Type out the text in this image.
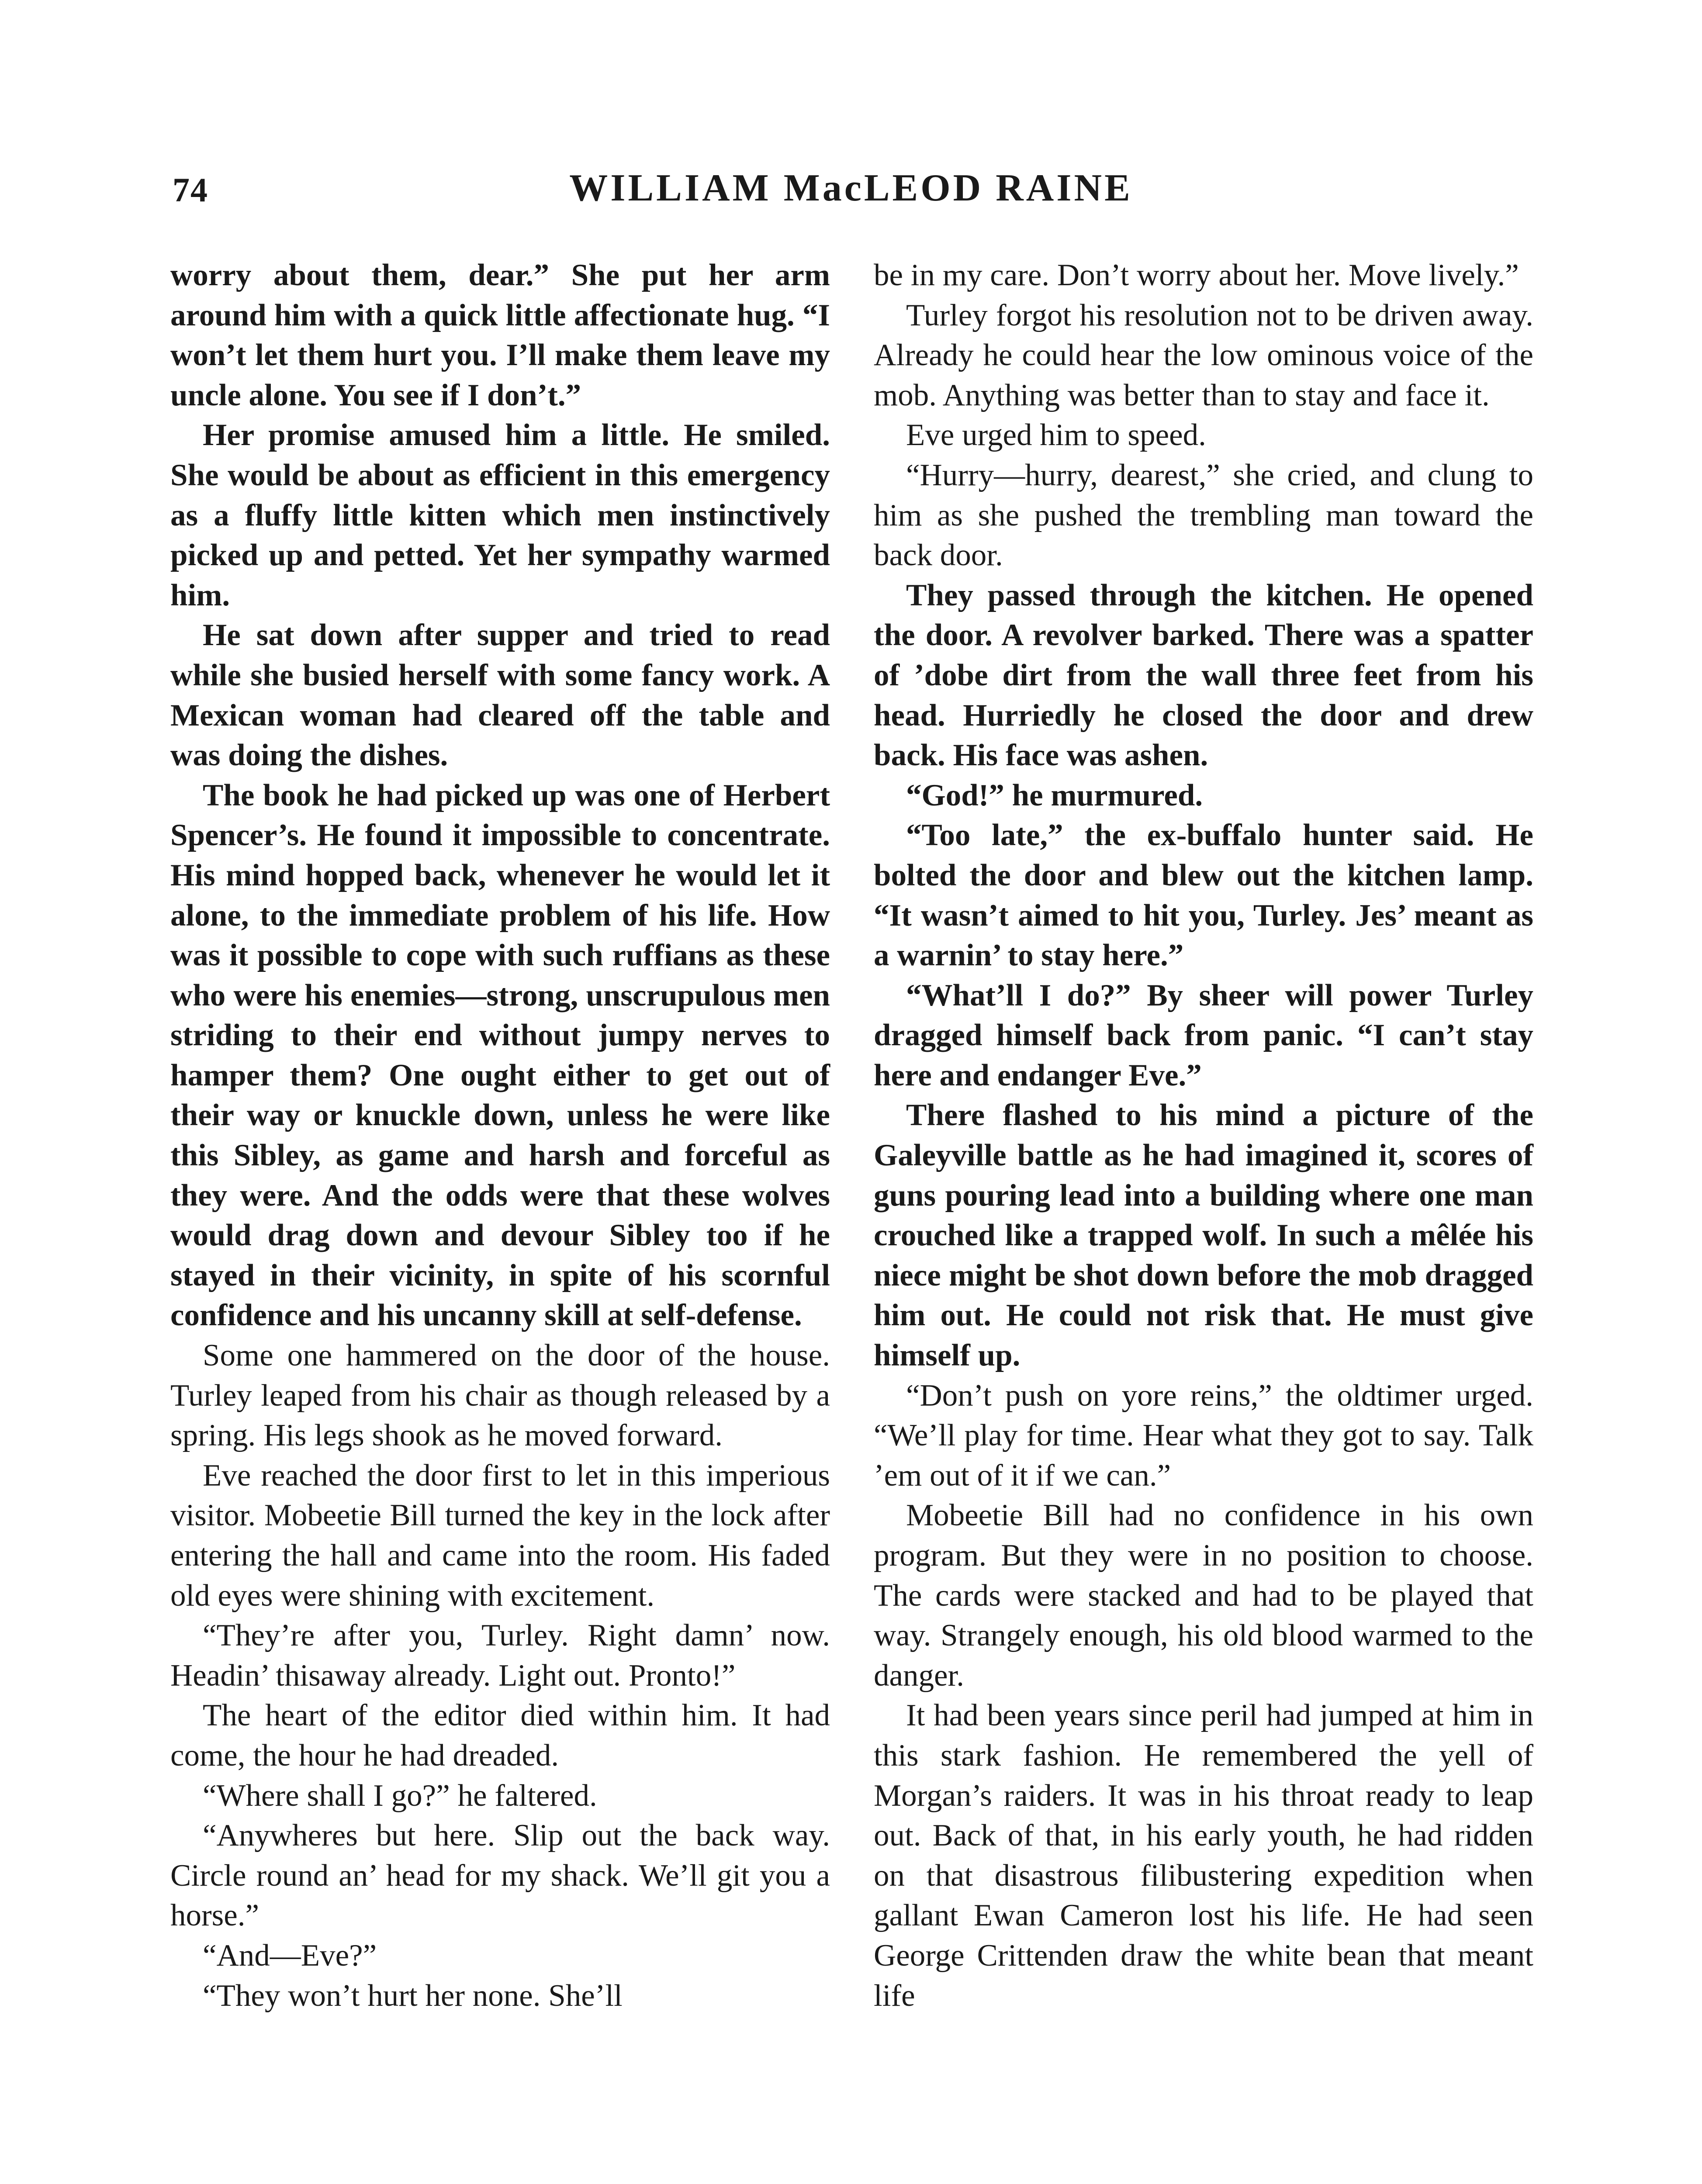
74	WILLIAM MacLEOD RAINE

worry about them, dear.” She put her arm around him with a quick little affectionate hug. “I won’t let them hurt you. I’ll make them leave my uncle alone. You see if I don’t.”

Her promise amused him a little. He smiled. She would be about as efficient in this emergency as a fluffy little kitten which men instinctively picked up and petted. Yet her sympathy warmed him.

He sat down after supper and tried to read while she busied herself with some fancy work. A Mexican woman had cleared off the table and was doing the dishes.

The book he had picked up was one of Herbert Spencer’s. He found it impossible to concentrate. His mind hopped back, whenever he would let it alone, to the immediate problem of his life. How was it possible to cope with such ruffians as these who were his enemies—strong, unscrupulous men striding to their end without jumpy nerves to hamper them? One ought either to get out of their way or knuckle down, unless he were like this Sibley, as game and harsh and forceful as they were. And the odds were that these wolves would drag down and devour Sibley too if he stayed in their vicinity, in spite of his scornful confidence and his uncanny skill at self-defense.

Some one hammered on the door of the house. Turley leaped from his chair as though released by a spring. His legs shook as he moved forward.

Eve reached the door first to let in this imperious visitor. Mobeetie Bill turned the key in the lock after entering the hall and came into the room. His faded old eyes were shining with excitement.

“They’re after you, Turley. Right damn’ now. Headin’ thisaway already. Light out. Pronto!”

The heart of the editor died within him. It had come, the hour he had dreaded.

“Where shall I go?” he faltered.

“Anywheres but here. Slip out the back way. Circle round an’ head for my shack. We’ll git you a horse.”

“And—Eve?”

“They won’t hurt her none. She’ll

be in my care. Don’t worry about her. Move lively.”

Turley forgot his resolution not to be driven away. Already he could hear the low ominous voice of the mob. Anything was better than to stay and face it.

Eve urged him to speed.

“Hurry—hurry, dearest,” she cried, and clung to him as she pushed the trembling man toward the back door.

They passed through the kitchen. He opened the door. A revolver barked. There was a spatter of ’dobe dirt from the wall three feet from his head. Hurriedly he closed the door and drew back. His face was ashen.

“God!” he murmured.

“Too late,” the ex-buffalo hunter said. He bolted the door and blew out the kitchen lamp. “It wasn’t aimed to hit you, Turley. Jes’ meant as a warnin’ to stay here.”

“What’ll I do?” By sheer will power Turley dragged himself back from panic. “I can’t stay here and endanger Eve.”

There flashed to his mind a picture of the Galeyville battle as he had imagined it, scores of guns pouring lead into a building where one man crouched like a trapped wolf. In such a mêlée his niece might be shot down before the mob dragged him out. He could not risk that. He must give himself up.

“Don’t push on yore reins,” the oldtimer urged. “We’ll play for time. Hear what they got to say. Talk ’em out of it if we can.”

Mobeetie Bill had no confidence in his own program. But they were in no position to choose. The cards were stacked and had to be played that way. Strangely enough, his old blood warmed to the danger.

It had been years since peril had jumped at him in this stark fashion. He remembered the yell of Morgan’s raiders. It was in his throat ready to leap out. Back of that, in his early youth, he had ridden on that disastrous filibustering expedition when gallant Ewan Cameron lost his life. He had seen George Crittenden draw the white bean that meant life
